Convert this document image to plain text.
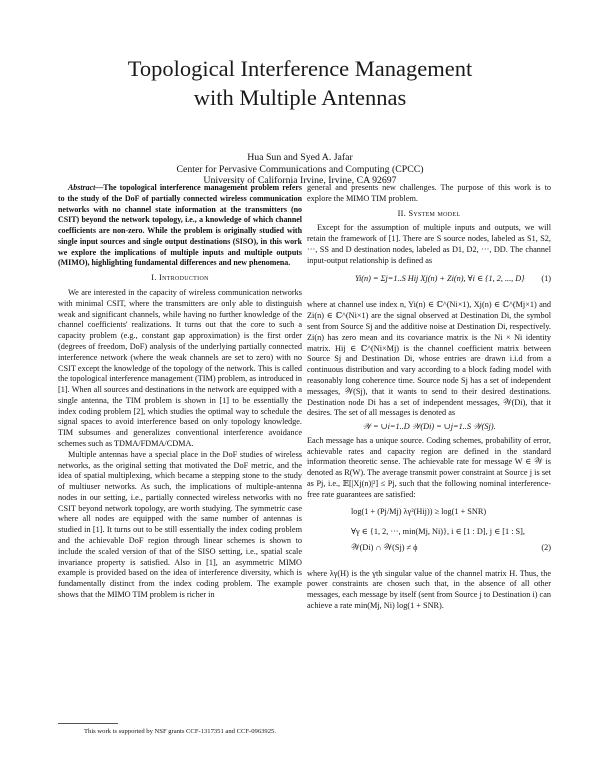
Topological Interference Management
with Multiple Antennas
Hua Sun and Syed A. Jafar
Center for Pervasive Communications and Computing (CPCC)
University of California Irvine, Irvine, CA 92697

Abstract—The topological interference management problem refers to the study of the DoF of partially connected wireless communication networks with no channel state information at the transmitters (no CSIT) beyond the network topology, i.e., a knowledge of which channel coefficients are non-zero. While the problem is originally studied with single input sources and single output destinations (SISO), in this work we explore the implications of multiple inputs and multiple outputs (MIMO), highlighting fundamental differences and new phenomena.

I. Introduction

We are interested in the capacity of wireless communication networks with minimal CSIT, where the transmitters are only able to distinguish weak and significant channels, while having no further knowledge of the channel coefficients' realizations. It turns out that the core to such a capacity problem (e.g., constant gap approximation) is the first order (degrees of freedom, DoF) analysis of the underlying partially connected interference network (where the weak channels are set to zero) with no CSIT except the knowledge of the topology of the network. This is called the topological interference management (TIM) problem, as introduced in [1]. When all sources and destinations in the network are equipped with a single antenna, the TIM problem is shown in [1] to be essentially the index coding problem [2], which studies the optimal way to schedule the signal spaces to avoid interference based on only topology knowledge. TIM subsumes and generalizes conventional interference avoidance schemes such as TDMA/FDMA/CDMA.

Multiple antennas have a special place in the DoF studies of wireless networks, as the original setting that motivated the DoF metric, and the idea of spatial multiplexing, which became a stepping stone to the study of multiuser networks. As such, the implications of multiple-antenna nodes in our setting, i.e., partially connected wireless networks with no CSIT beyond network topology, are worth studying. The symmetric case where all nodes are equipped with the same number of antennas is studied in [1]. It turns out to be still essentially the index coding problem and the achievable DoF region through linear schemes is shown to include the scaled version of that of the SISO setting, i.e., spatial scale invariance property is satisfied. Also in [1], an asymmetric MIMO example is provided based on the idea of interference diversity, which is fundamentally distinct from the index coding problem. The example shows that the MIMO TIM problem is richer in

This work is supported by NSF grants CCF-1317351 and CCF-0963925.

general and presents new challenges. The purpose of this work is to explore the MIMO TIM problem.

II. System model

Except for the assumption of multiple inputs and outputs, we will retain the framework of [1]. There are S source nodes, labeled as S1, S2, ···, SS and D destination nodes, labeled as D1, D2, ···, DD. The channel input-output relationship is defined as

Yi(n) = Σj=1..S Hij Xj(n) + Zi(n), ∀i ∈ {1, 2, ..., D} (1)

where at channel use index n, Yi(n) ∈ ℂ^(Ni×1), Xj(n) ∈ ℂ^(Mj×1) and Zi(n) ∈ ℂ^(Ni×1) are the signal observed at Destination Di, the symbol sent from Source Sj and the additive noise at Destination Di, respectively. Zi(n) has zero mean and its covariance matrix is the Ni × Ni identity matrix. Hij ∈ ℂ^(Ni×Mj) is the channel coefficient matrix between Source Sj and Destination Di, whose entries are drawn i.i.d from a continuous distribution and vary according to a block fading model with reasonably long coherence time. Source node Sj has a set of independent messages, 𝒲(Sj), that it wants to send to their desired destinations. Destination node Di has a set of independent messages, 𝒲(Di), that it desires. The set of all messages is denoted as

𝒲 = ∪i=1..D 𝒲(Di) = ∪j=1..S 𝒲(Sj).

Each message has a unique source. Coding schemes, probability of error, achievable rates and capacity region are defined in the standard information theoretic sense. The achievable rate for message W ∈ 𝒲 is denoted as R(W). The average transmit power constraint at Source j is set as Pj, i.e., 𝔼[|Xj(n)|²] ≤ Pj, such that the following nominal interference-free rate guarantees are satisfied:

log(1 + (Pj/Mj) λγ²(Hij)) ≥ log(1 + SNR)
∀γ ∈ {1, 2, ···, min(Mj, Ni)}, i ∈ [1 : D], j ∈ [1 : S],
𝒲(Di) ∩ 𝒲(Sj) ≠ ϕ	(2)

where λγ(H) is the γth singular value of the channel matrix H. Thus, the power constraints are chosen such that, in the absence of all other messages, each message by itself (sent from Source j to Destination i) can achieve a rate min(Mj, Ni) log(1 + SNR).
